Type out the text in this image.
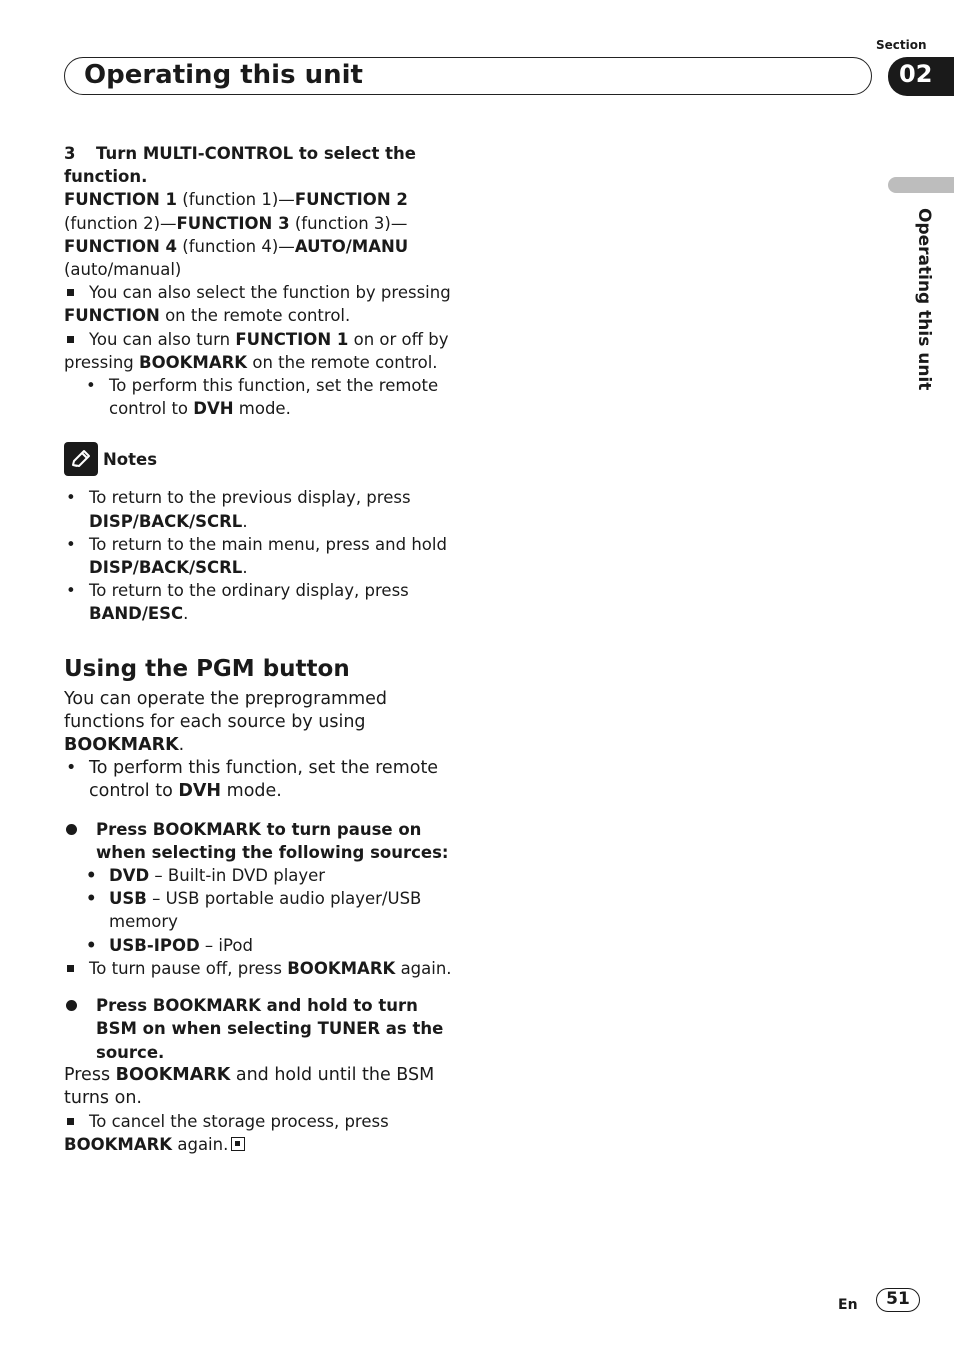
Section
Operating this unit	02
Operating this unit

3 Turn MULTI-CONTROL to select the function.

FUNCTION 1 (function 1)—FUNCTION 2
(function 2)—FUNCTION 3 (function 3)—
FUNCTION 4 (function 4)—AUTO/MANU
(auto/manual)

You can also select the function by pressing
FUNCTION on the remote control.

You can also turn FUNCTION 1 on or off by pressing BOOKMARK on the remote control.

• To perform this function, set the remote control to DVH mode.

Notes

• To return to the previous display, press DISP/BACK/SCRL.

• To return to the main menu, press and hold DISP/BACK/SCRL.

• To return to the ordinary display, press BAND/ESC.

Using the PGM button

You can operate the preprogrammed functions for each source by using BOOKMARK.

• To perform this function, set the remote control to DVH mode.

Press BOOKMARK to turn pause on when selecting the following sources:

• DVD – Built-in DVD player

• USB – USB portable audio player/USB memory

• USB-IPOD – iPod

To turn pause off, press BOOKMARK again.

Press BOOKMARK and hold to turn BSM on when selecting TUNER as the source.

Press BOOKMARK and hold until the BSM turns on.

To cancel the storage process, press
BOOKMARK again.

En	51
